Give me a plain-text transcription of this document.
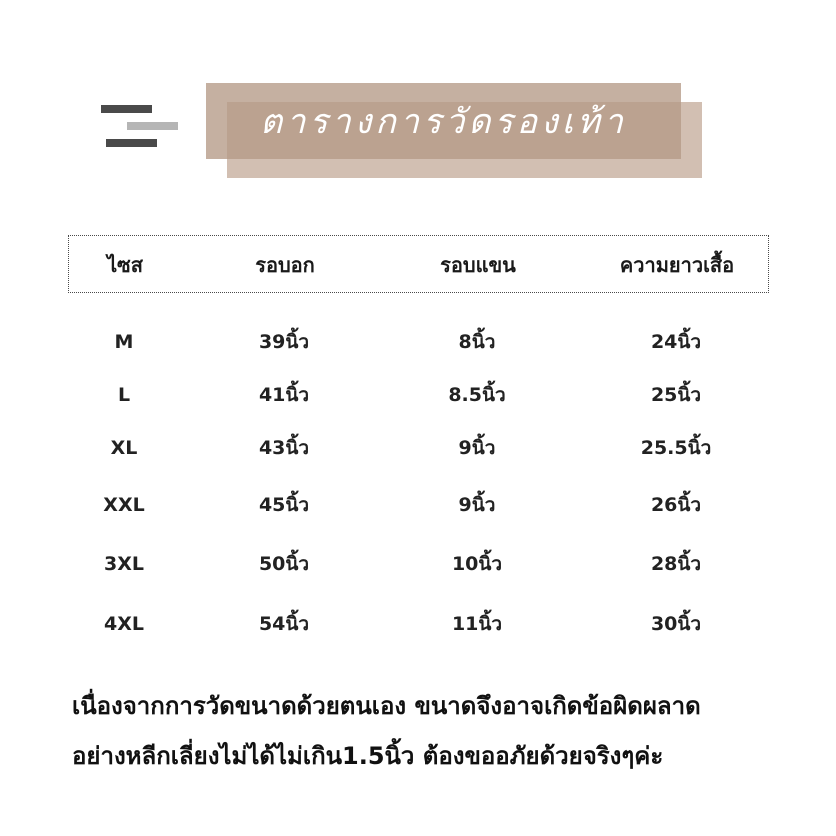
ตารางการวัดรองเท้า
ไซส	รอบอก	รอบแขน	ความยาวเสื้อ
M	39นิ้ว	8นิ้ว	24นิ้ว
L	41นิ้ว	8.5นิ้ว	25นิ้ว
XL	43นิ้ว	9นิ้ว	25.5นิ้ว
XXL	45นิ้ว	9นิ้ว	26นิ้ว
3XL	50นิ้ว	10นิ้ว	28นิ้ว
4XL	54นิ้ว	11นิ้ว	30นิ้ว
เนื่องจากการวัดขนาดด้วยตนเอง ขนาดจึงอาจเกิดข้อผิดผลาด
อย่างหลีกเลี่ยงไม่ได้ไม่เกิน1.5นิ้ว ต้องขออภัยด้วยจริงๆค่ะ
